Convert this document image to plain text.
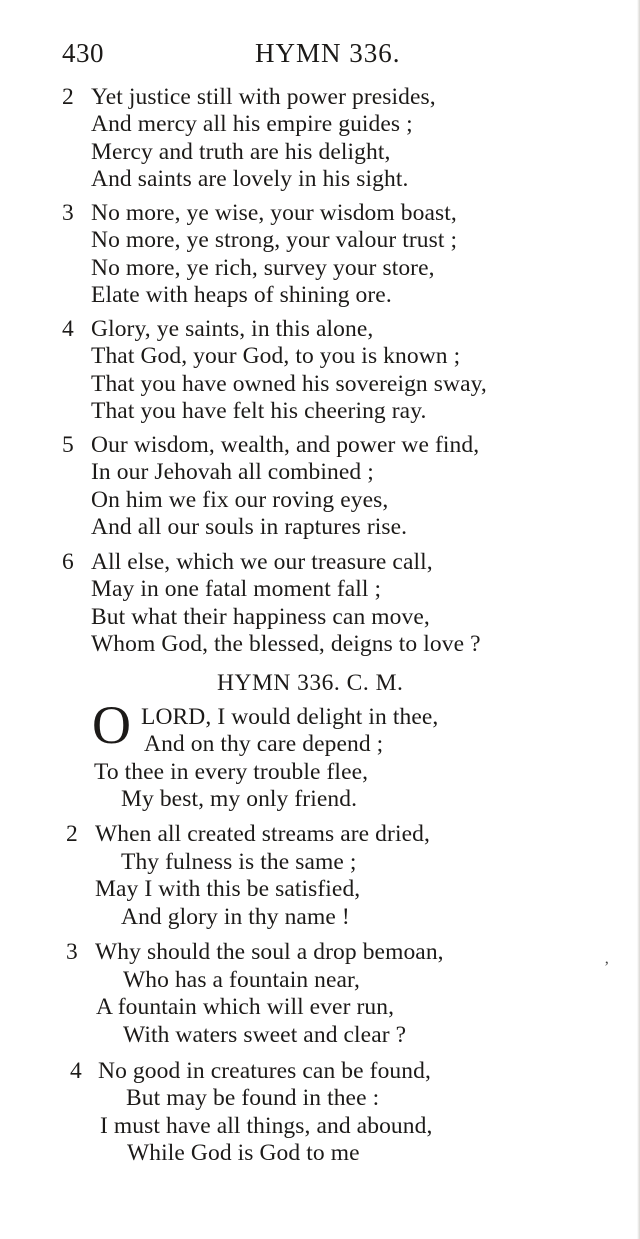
430	HYMN 336.
2 Yet justice still with power presides,
And mercy all his empire guides ;
Mercy and truth are his delight,
And saints are lovely in his sight.
3 No more, ye wise, your wisdom boast,
No more, ye strong, your valour trust ;
No more, ye rich, survey your store,
Elate with heaps of shining ore.
4 Glory, ye saints, in this alone,
That God, your God, to you is known ;
That you have owned his sovereign sway,
That you have felt his cheering ray.
5 Our wisdom, wealth, and power we find,
In our Jehovah all combined ;
On him we fix our roving eyes,
And all our souls in raptures rise.
6 All else, which we our treasure call,
May in one fatal moment fall ;
But what their happiness can move,
Whom God, the blessed, deigns to love ?
HYMN 336. C. M.
O LORD, I would delight in thee,
And on thy care depend ;
To thee in every trouble flee,
My best, my only friend.
2 When all created streams are dried,
Thy fulness is the same ;
May I with this be satisfied,
And glory in thy name !
3 Why should the soul a drop bemoan,
Who has a fountain near,
A fountain which will ever run,
With waters sweet and clear ?
’
4 No good in creatures can be found,
But may be found in thee :
I must have all things, and abound,
While God is God to me
